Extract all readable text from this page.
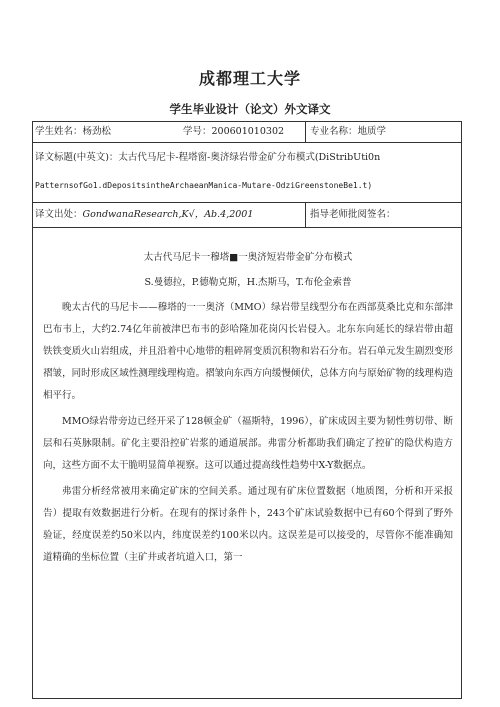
成都理工大学
学生毕业设计（论文）外文译文
学生姓名：杨劲松	学号：200601010302	专业名称：地质学
译文标题(中英文)：太古代马尼卡-程塔窗-奥济绿岩带金矿分布模式(DiStribUti0n
PatternsofGo1.dDepositsintheArchaeanManica-Mutare-OdziGreenstoneBe1.t)
译文出处：GondwanaResearch,K√，Ab.4,2001	指导老师批阅签名：
太古代马尼卡一穆塔■一奥济短岩带金矿分布模式
S.曼德拉，P.德勒克斯，H.杰斯马，T.布伦金索普

晚太古代的马尼卡——穆塔的一一奥济（MMO）绿岩带呈线型分布在西部莫桑比克和东部津巴布韦上，大约2.74亿年前被津巴布韦的彭哈隆加花岗闪长岩侵入。北东东向延长的绿岩带由超铁铁变质火山岩组成，并且沿着中心地带的粗碎屑变质沉积物和岩石分布。岩石单元发生剧烈变形褶皱，同时形成区域性测理线理构造。褶皱向东西方向缓慢倾伏，总体方向与原始矿物的线理构造相平行。

MMO绿岩带旁边已经开采了128顿金矿（福斯特，1996），矿床成因主要为韧性剪切带、断层和石英脉限制。矿化主要沿控矿岩浆的通道展部。弗雷分析都助我们确定了控矿的隐伏构造方向，这些方面不太干脆明显简单视察。这可以通过提高线性趋势中X-Y数据点。

弗雷分析经常被用来确定矿床的空间关系。通过现有矿床位置数据（地质图，分析和开采报告）提取有效数据进行分析。在现有的探讨条件卜，243个矿床试验数据中已有60个得到了野外验证，经度误差约50米以内，纬度误差约100米以内。这误差是可以接受的，尽管你不能准确知道精确的坐标位置（主矿井或者坑道入口，第一
